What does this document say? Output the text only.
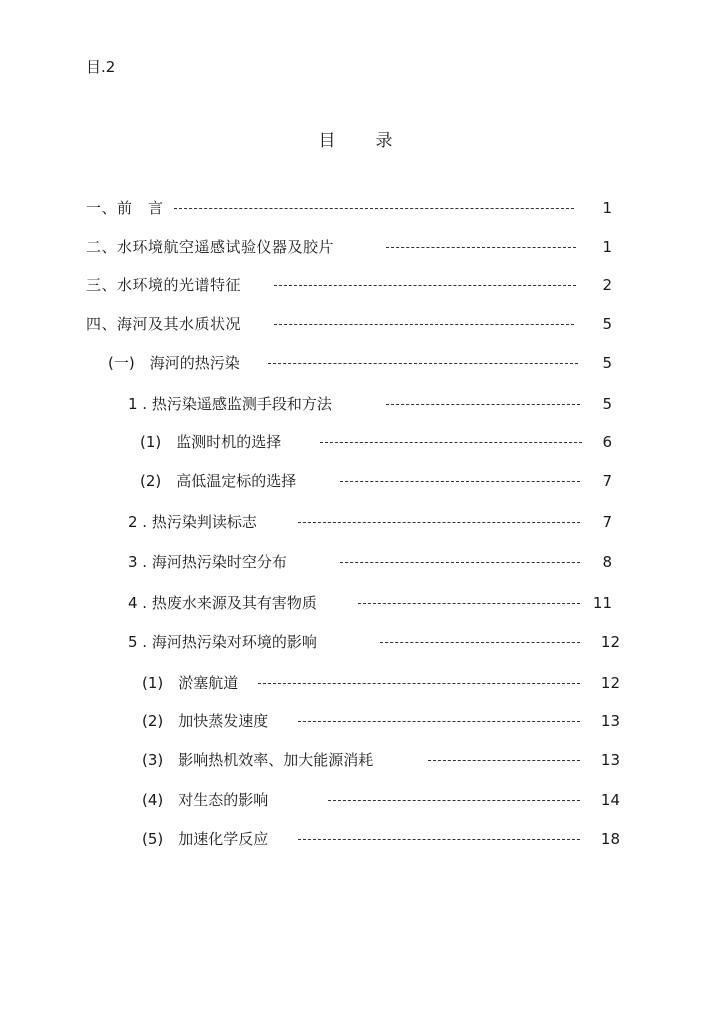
目.2
目　　录
一、前　言	1
二、水环境航空遥感试验仪器及胶片	1
三、水环境的光谱特征	2
四、海河及其水质状况	5
(一)　海河的热污染	5
1 . 热污染遥感监测手段和方法	5
(1)　监测时机的选择	6
(2)　高低温定标的选择	7
2 . 热污染判读标志	7
3 . 海河热污染时空分布	8
4 . 热废水来源及其有害物质	11
5 . 海河热污染对环境的影响	12
(1)　淤塞航道	12
(2)　加快蒸发速度	13
(3)　影响热机效率、加大能源消耗	13
(4)　对生态的影响	14
(5)　加速化学反应	18
